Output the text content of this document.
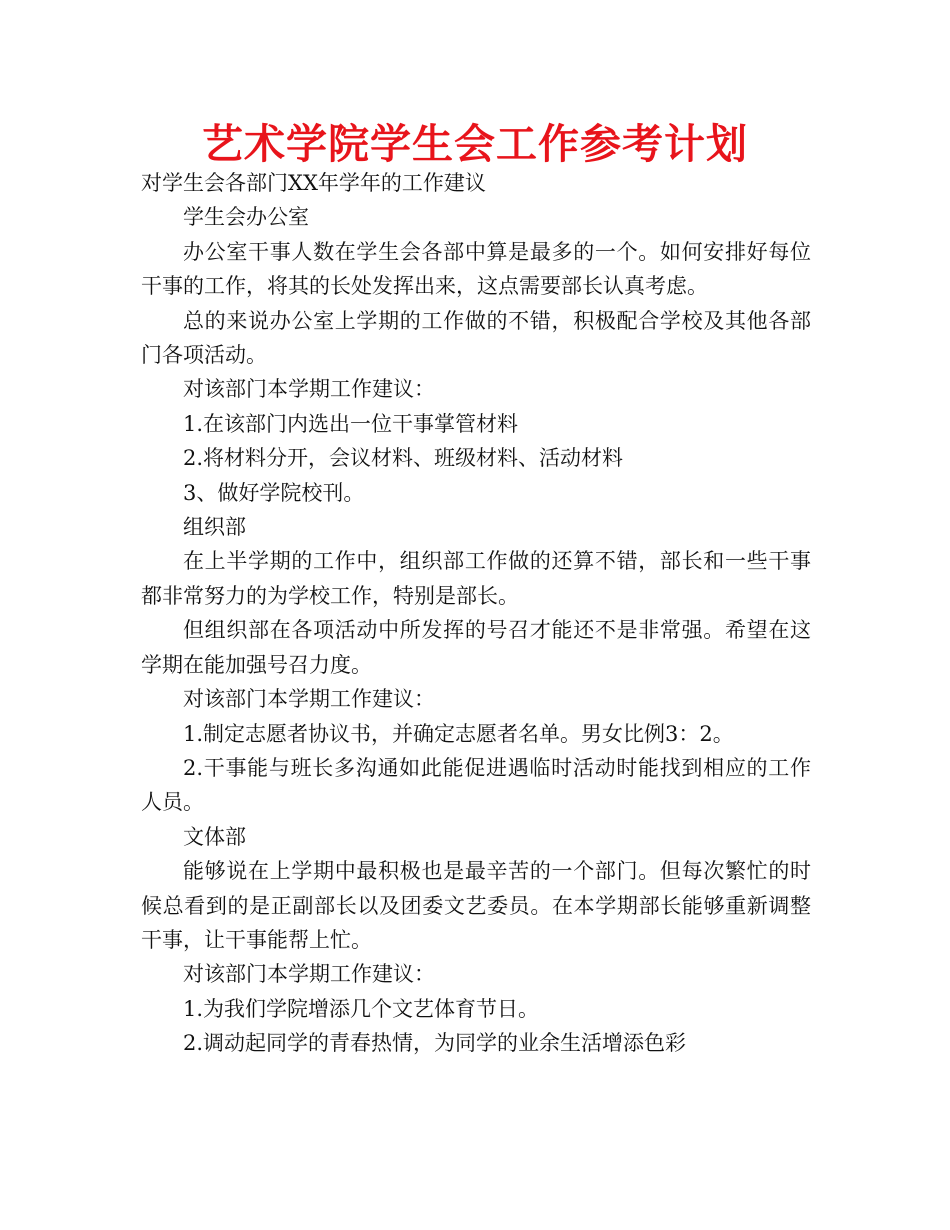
艺术学院学生会工作参考计划

对学生会各部门XX年学年的工作建议

学生会办公室

办公室干事人数在学生会各部中算是最多的一个。如何安排好每位干事的工作，将其的长处发挥出来，这点需要部长认真考虑。

总的来说办公室上学期的工作做的不错，积极配合学校及其他各部门各项活动。

对该部门本学期工作建议：

1.在该部门内选出一位干事掌管材料

2.将材料分开，会议材料、班级材料、活动材料

3、做好学院校刊。

组织部

在上半学期的工作中，组织部工作做的还算不错，部长和一些干事都非常努力的为学校工作，特别是部长。

但组织部在各项活动中所发挥的号召才能还不是非常强。希望在这学期在能加强号召力度。

对该部门本学期工作建议：

1.制定志愿者协议书，并确定志愿者名单。男女比例3：2。

2.干事能与班长多沟通如此能促进遇临时活动时能找到相应的工作人员。

文体部

能够说在上学期中最积极也是最辛苦的一个部门。但每次繁忙的时候总看到的是正副部长以及团委文艺委员。在本学期部长能够重新调整干事，让干事能帮上忙。

对该部门本学期工作建议：

1.为我们学院增添几个文艺体育节日。

2.调动起同学的青春热情，为同学的业余生活增添色彩
